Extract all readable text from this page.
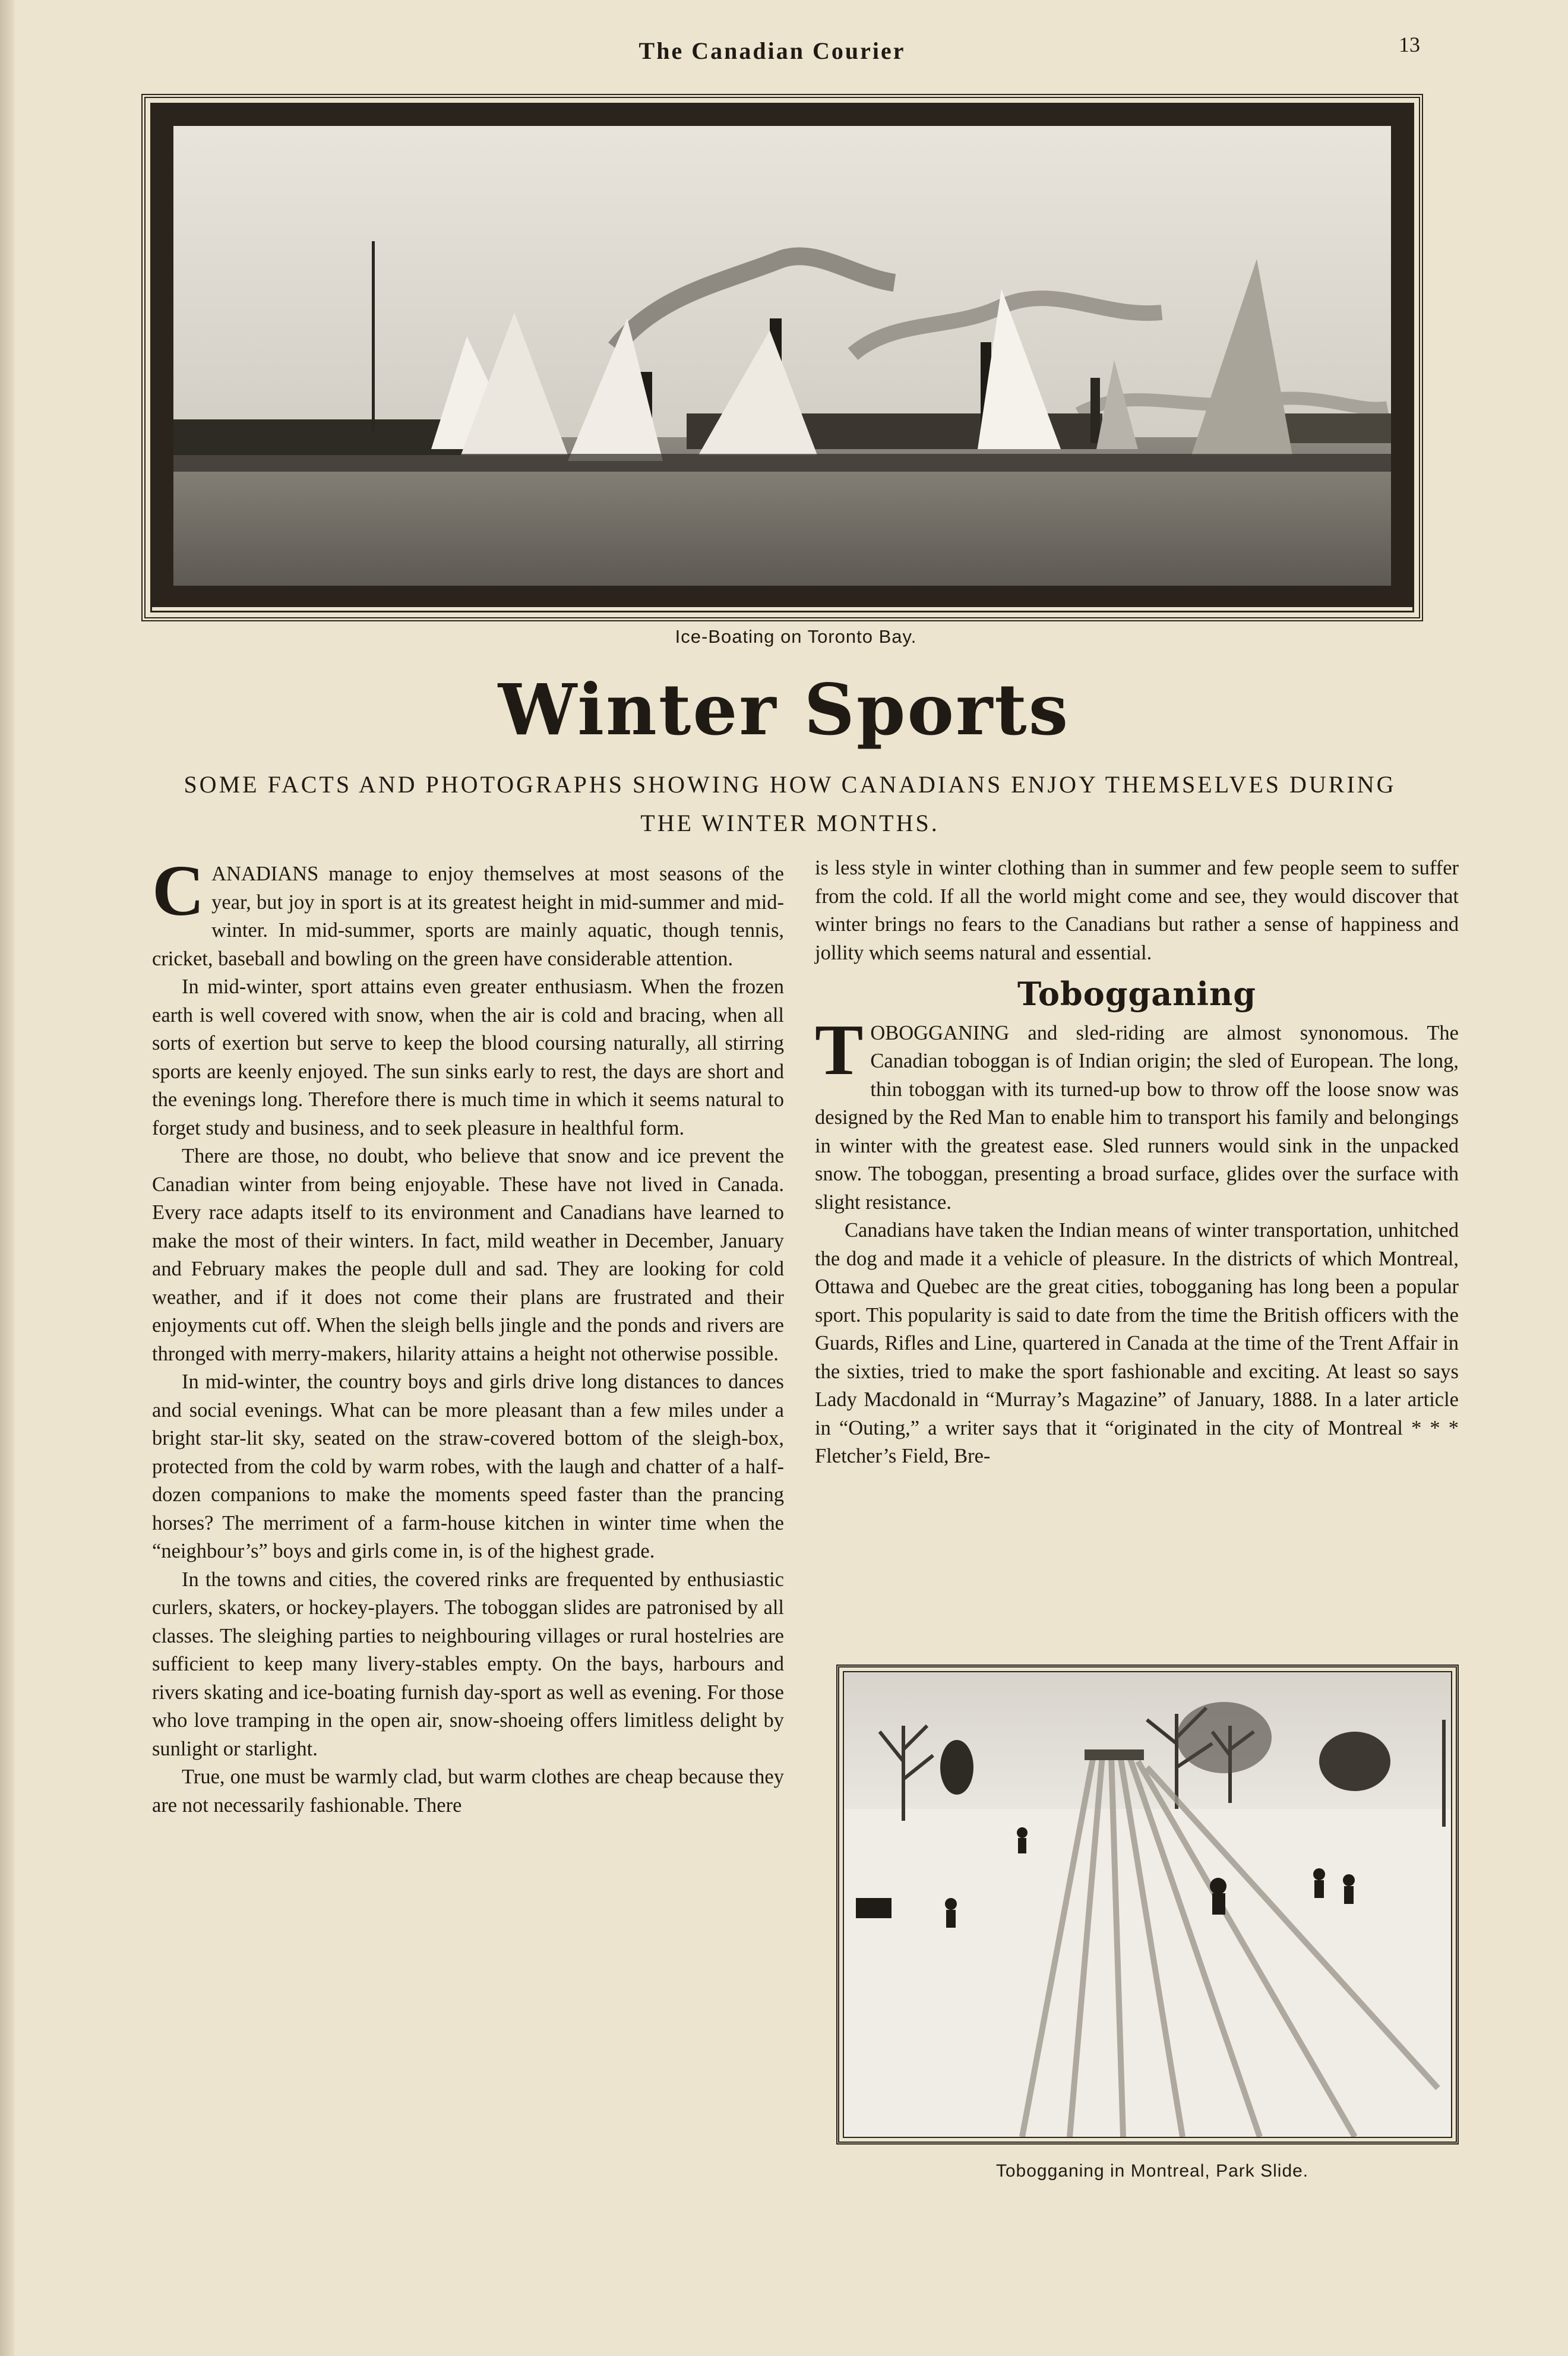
The Canadian Courier	13
Ice-Boating on Toronto Bay.
Winter Sports
SOME FACTS AND PHOTOGRAPHS SHOWING HOW CANADIANS ENJOY THEMSELVES DURING THE WINTER MONTHS.

CANADIANS manage to enjoy themselves at most seasons of the year, but joy in sport is at its greatest height in mid-summer and mid-winter. In mid-summer, sports are mainly aquatic, though tennis, cricket, baseball and bowling on the green have considerable attention.

In mid-winter, sport attains even greater enthusiasm. When the frozen earth is well covered with snow, when the air is cold and bracing, when all sorts of exertion but serve to keep the blood coursing naturally, all stirring sports are keenly enjoyed. The sun sinks early to rest, the days are short and the evenings long. Therefore there is much time in which it seems natural to forget study and business, and to seek pleasure in healthful form.

There are those, no doubt, who believe that snow and ice prevent the Canadian winter from being enjoyable. These have not lived in Canada. Every race adapts itself to its environment and Canadians have learned to make the most of their winters. In fact, mild weather in December, January and February makes the people dull and sad. They are looking for cold weather, and if it does not come their plans are frustrated and their enjoyments cut off. When the sleigh bells jingle and the ponds and rivers are thronged with merry-makers, hilarity attains a height not otherwise possible.

In mid-winter, the country boys and girls drive long distances to dances and social evenings. What can be more pleasant than a few miles under a bright star-lit sky, seated on the straw-covered bottom of the sleigh-box, protected from the cold by warm robes, with the laugh and chatter of a half-dozen companions to make the moments speed faster than the prancing horses? The merriment of a farm-house kitchen in winter time when the “neighbour’s” boys and girls come in, is of the highest grade.

In the towns and cities, the covered rinks are frequented by enthusiastic curlers, skaters, or hockey-players. The toboggan slides are patronised by all classes. The sleighing parties to neighbouring villages or rural hostelries are sufficient to keep many livery-stables empty. On the bays, harbours and rivers skating and ice-boating furnish day-sport as well as evening. For those who love tramping in the open air, snow-shoeing offers limitless delight by sunlight or starlight.

True, one must be warmly clad, but warm clothes are cheap because they are not necessarily fashionable. There

is less style in winter clothing than in summer and few people seem to suffer from the cold. If all the world might come and see, they would discover that winter brings no fears to the Canadians but rather a sense of happiness and jollity which seems natural and essential.

Tobogganing

TOBOGGANING and sled-riding are almost synonomous. The Canadian toboggan is of Indian origin; the sled of European. The long, thin toboggan with its turned-up bow to throw off the loose snow was designed by the Red Man to enable him to transport his family and belongings in winter with the greatest ease. Sled runners would sink in the unpacked snow. The toboggan, presenting a broad surface, glides over the surface with slight resistance.

Canadians have taken the Indian means of winter transportation, unhitched the dog and made it a vehicle of pleasure. In the districts of which Montreal, Ottawa and Quebec are the great cities, tobogganing has long been a popular sport. This popularity is said to date from the time the British officers with the Guards, Rifles and Line, quartered in Canada at the time of the Trent Affair in the sixties, tried to make the sport fashionable and exciting. At least so says Lady Macdonald in “Murray’s Magazine” of January, 1888. In a later article in “Outing,” a writer says that it “originated in the city of Montreal * * * Fletcher’s Field, Bre-

Tobogganing in Montreal, Park Slide.
